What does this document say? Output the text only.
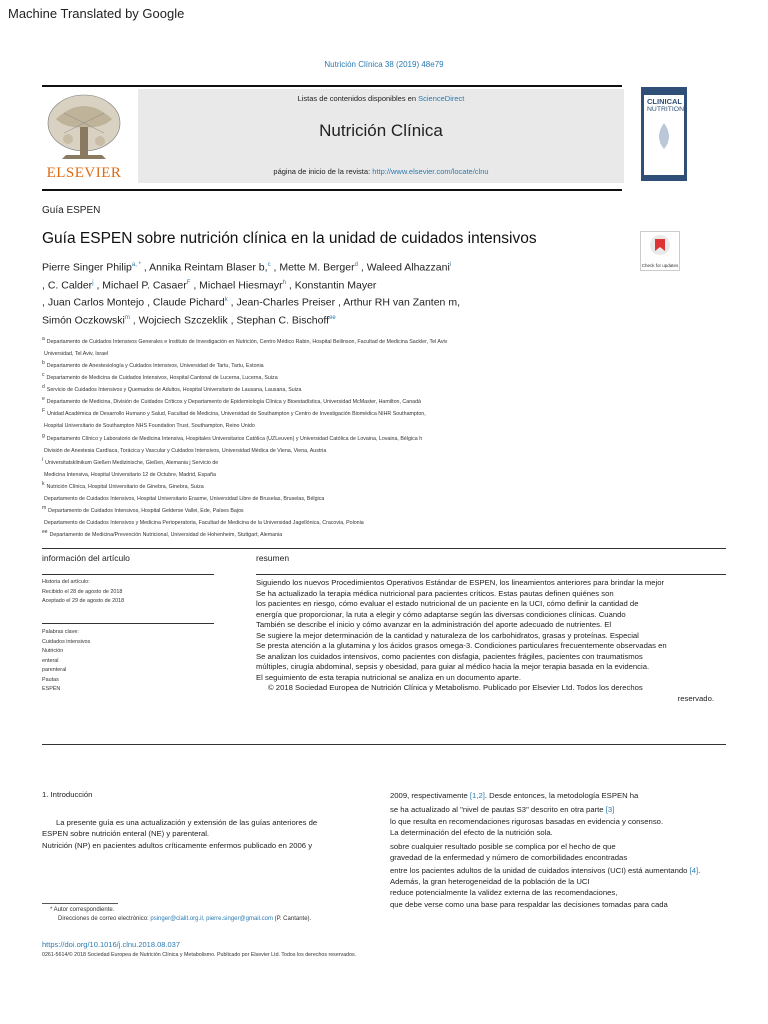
Machine Translated by Google
Nutrición Clínica 38 (2019) 48e79
ELSEVIER
Listas de contenidos disponibles en ScienceDirect
Nutrición Clínica
página de inicio de la revista: http://www.elsevier.com/locate/clnu
CLINICAL
NUTRITION
Guía ESPEN
Guía ESPEN sobre nutrición clínica en la unidad de cuidados intensivos
Check for updates
Pierre Singer Philip$^{a, *}$ , Annika Reintam Blaser b,$^c$ , Mette M. Berger$^d$ , Waleed Alhazzani$^i$
, C. Calder$^j$ , Michael P. Casaer$^F$ , Michael Hiesmayr$^h$ , Konstantin Mayer
, Juan Carlos Montejo , Claude Pichard$^k$ , Jean-Charles Preiser , Arthur RH van Zanten m,
Simón Oczkowski$^m$ , Wojciech Szczeklik , Stephan C. Bischoff$^{ee}$
a Departamento de Cuidados Intensivos Generales e Instituto de Investigación en Nutrición, Centro Médico Rabin, Hospital Beilinson, Facultad de Medicina Sackler, Tel Aviv
Universidad, Tel Aviv, Israel
b Departamento de Anestesiología y Cuidados Intensivos, Universidad de Tartu, Tartu, Estonia
c Departamento de Medicina de Cuidados Intensivos, Hospital Cantonal de Lucerna, Lucerna, Suiza
d Servicio de Cuidados Intensivos y Quemados de Adultos, Hospital Universitario de Lausana, Lausana, Suiza
e Departamento de Medicina, División de Cuidados Críticos y Departamento de Epidemiología Clínica y Bioestadística, Universidad McMaster, Hamilton, Canadá
F Unidad Académica de Desarrollo Humano y Salud, Facultad de Medicina, Universidad de Southampton y Centro de Investigación Biomédica NIHR Southampton,
Hospital Universitario de Southampton NHS Foundation Trust, Southampton, Reino Unido
g Departamento Clínico y Laboratorio de Medicina Intensiva, Hospitales Universitarios Católica (UZLeuven) y Universidad Católica de Lovaina, Lovaina, Bélgica h
División de Anestesia Cardíaca, Torácica y Vascular y Cuidados Intensivos, Universidad Médica de Viena, Viena, Austria
i Universitatsklinikum Gießen Medizinische, Gießen, Alemania j Servicio de
Medicina Intensiva, Hospital Universitario 12 de Octubre, Madrid, España
k Nutrición Clínica, Hospital Universitario de Ginebra, Ginebra, Suiza
Departamento de Cuidados Intensivos, Hospital Universitario Erasme, Universidad Libre de Bruselas, Bruselas, Bélgica
m Departamento de Cuidados Intensivos, Hospital Gelderse Vallei, Ede, Países Bajos
Departamento de Cuidados Intensivos y Medicina Perioperatoria, Facultad de Medicina de la Universidad Jagellónica, Cracovia, Polonia
ee Departamento de Medicina/Prevención Nutricional, Universidad de Hohenheim, Stuttgart, Alemania
información del artículo
Historia del artículo:
Recibido el 28 de agosto de 2018
Aceptado el 29 de agosto de 2018
Palabras clave:
Cuidados intensivos
Nutrición
enteral
parenteral
Pautas
ESPÉN
resumen
Siguiendo los nuevos Procedimientos Operativos Estándar de ESPEN, los lineamientos anteriores para brindar la mejor
Se ha actualizado la terapia médica nutricional para pacientes críticos. Estas pautas definen quiénes son
los pacientes en riesgo, cómo evaluar el estado nutricional de un paciente en la UCI, cómo definir la cantidad de
energía que proporcionar, la ruta a elegir y cómo adaptarse según las diversas condiciones clínicas. Cuando
También se describe el inicio y cómo avanzar en la administración del aporte adecuado de nutrientes. El
Se sugiere la mejor determinación de la cantidad y naturaleza de los carbohidratos, grasas y proteínas. Especial
Se presta atención a la glutamina y los ácidos grasos omega-3. Condiciones particulares frecuentemente observadas en
Se analizan los cuidados intensivos, como pacientes con disfagia, pacientes frágiles, pacientes con traumatismos
múltiples, cirugía abdominal, sepsis y obesidad, para guiar al médico hacia la mejor terapia basada en la evidencia.
El seguimiento de esta terapia nutricional se analiza en un documento aparte.
© 2018 Sociedad Europea de Nutrición Clínica y Metabolismo. Publicado por Elsevier Ltd. Todos los derechos
reservado.
1. Introducción
La presente guía es una actualización y extensión de las guías anteriores de
ESPEN sobre nutrición enteral (NE) y parenteral.
Nutrición (NP) en pacientes adultos críticamente enfermos publicado en 2006 y
2009, respectivamente [1,2]. Desde entonces, la metodología ESPEN ha
se ha actualizado al "nivel de pautas S3" descrito en otra parte [3]
lo que resulta en recomendaciones rigurosas basadas en evidencia y consenso.
La determinación del efecto de la nutrición sola.
sobre cualquier resultado posible se complica por el hecho de que
gravedad de la enfermedad y número de comorbilidades encontradas
entre los pacientes adultos de la unidad de cuidados intensivos (UCI) está aumentando [4].
Además, la gran heterogeneidad de la población de la UCI
reduce potencialmente la validez externa de las recomendaciones,
que debe verse como una base para respaldar las decisiones tomadas para cada
* Autor correspondiente.
Direcciones de correo electrónico: psinger@clalit.org.il, pierre.singer@gmail.com (P. Cantante).
https://doi.org/10.1016/j.clnu.2018.08.037
0261-5614/© 2018 Sociedad Europea de Nutrición Clínica y Metabolismo. Publicado por Elsevier Ltd. Todos los derechos reservados.
